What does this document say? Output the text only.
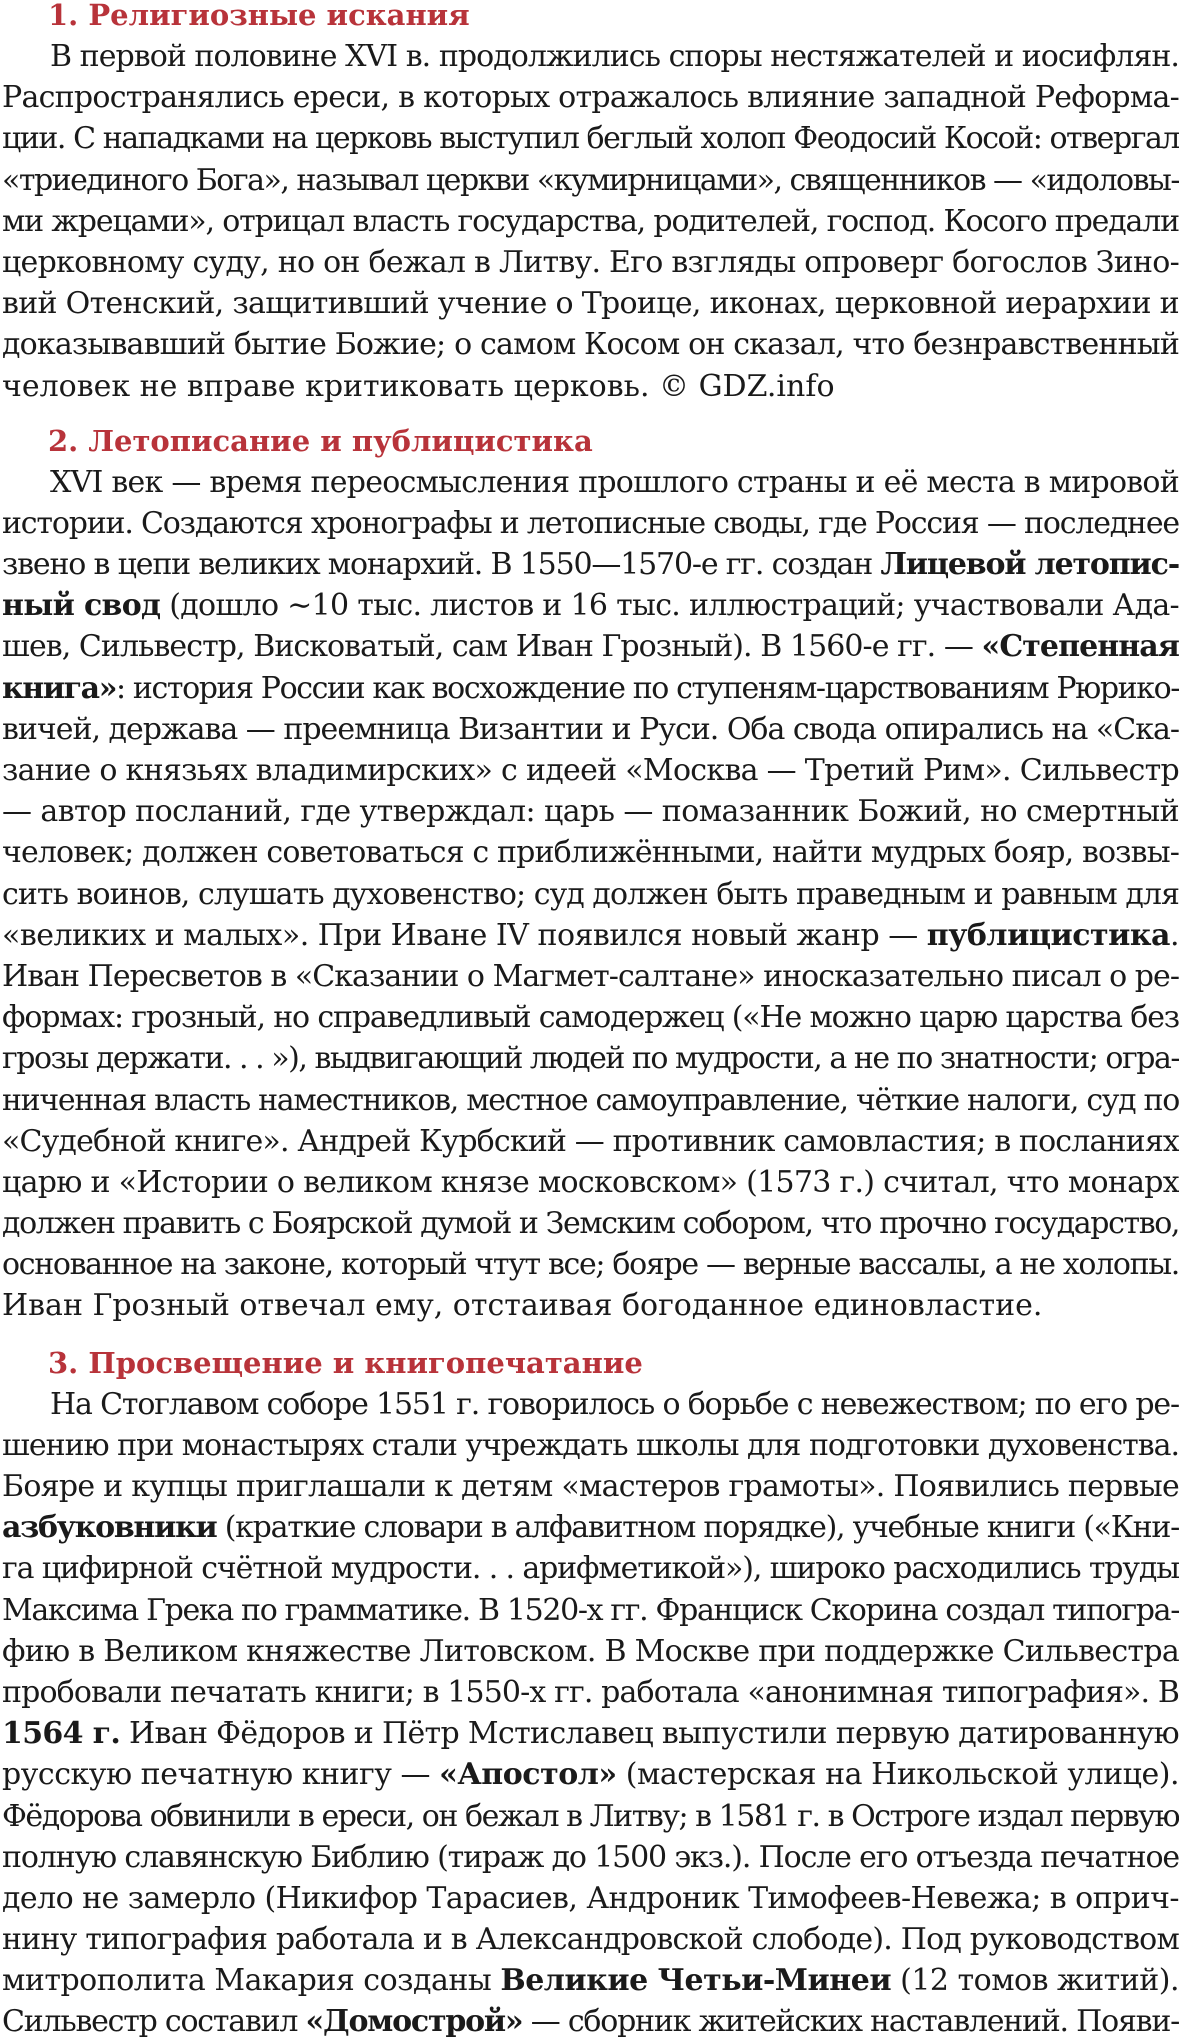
1. Религиозные искания
В первой половине XVI в. продолжились споры нестяжателей и иосифлян.
Распространялись ереси, в которых отражалось влияние западной Реформа-
ции. С нападками на церковь выступил беглый холоп Феодосий Косой: отвергал
«триединого Бога», называл церкви «кумирницами», священников — «идоловы-
ми жрецами», отрицал власть государства, родителей, господ. Косого предали
церковному суду, но он бежал в Литву. Его взгляды опроверг богослов Зино-
вий Отенский, защитивший учение о Троице, иконах, церковной иерархии и
доказывавший бытие Божие; о самом Косом он сказал, что безнравственный
человек не вправе критиковать церковь. © GDZ.info
2. Летописание и публицистика
XVI век — время переосмысления прошлого страны и её места в мировой
истории. Создаются хронографы и летописные своды, где Россия — последнее
звено в цепи великих монархий. В 1550—1570-е гг. создан Лицевой летопис-
ный свод (дошло ∼10 тыс. листов и 16 тыс. иллюстраций; участвовали Ада-
шев, Сильвестр, Висковатый, сам Иван Грозный). В 1560-е гг. — «Степенная
книга»: история России как восхождение по ступеням-царствованиям Рюрико-
вичей, держава — преемница Византии и Руси. Оба свода опирались на «Ска-
зание о князьях владимирских» с идеей «Москва — Третий Рим». Сильвестр
— автор посланий, где утверждал: царь — помазанник Божий, но смертный
человек; должен советоваться с приближёнными, найти мудрых бояр, возвы-
сить воинов, слушать духовенство; суд должен быть праведным и равным для
«великих и малых». При Иване IV появился новый жанр — публицистика.
Иван Пересветов в «Сказании о Магмет-салтане» иносказательно писал о ре-
формах: грозный, но справедливый самодержец («Не можно царю царства без
грозы держати. . . »), выдвигающий людей по мудрости, а не по знатности; огра-
ниченная власть наместников, местное самоуправление, чёткие налоги, суд по
«Судебной книге». Андрей Курбский — противник самовластия; в посланиях
царю и «Истории о великом князе московском» (1573 г.) считал, что монарх
должен править с Боярской думой и Земским собором, что прочно государство,
основанное на законе, который чтут все; бояре — верные вассалы, а не холопы.
Иван Грозный отвечал ему, отстаивая богоданное единовластие.
3. Просвещение и книгопечатание
На Стоглавом соборе 1551 г. говорилось о борьбе с невежеством; по его ре-
шению при монастырях стали учреждать школы для подготовки духовенства.
Бояре и купцы приглашали к детям «мастеров грамоты». Появились первые
азбуковники (краткие словари в алфавитном порядке), учебные книги («Кни-
га цифирной счётной мудрости. . . арифметикой»), широко расходились труды
Максима Грека по грамматике. В 1520-х гг. Франциск Скорина создал типогра-
фию в Великом княжестве Литовском. В Москве при поддержке Сильвестра
пробовали печатать книги; в 1550-х гг. работала «анонимная типография». В
1564 г. Иван Фёдоров и Пётр Мстиславец выпустили первую датированную
русскую печатную книгу — «Апостол» (мастерская на Никольской улице).
Фёдорова обвинили в ереси, он бежал в Литву; в 1581 г. в Остроге издал первую
полную славянскую Библию (тираж до 1500 экз.). После его отъезда печатное
дело не замерло (Никифор Тарасиев, Андроник Тимофеев-Невежа; в оприч-
нину типография работала и в Александровской слободе). Под руководством
митрополита Макария созданы Великие Четьи-Минеи (12 томов житий).
Сильвестр составил «Домострой» — сборник житейских наставлений. Появи-
